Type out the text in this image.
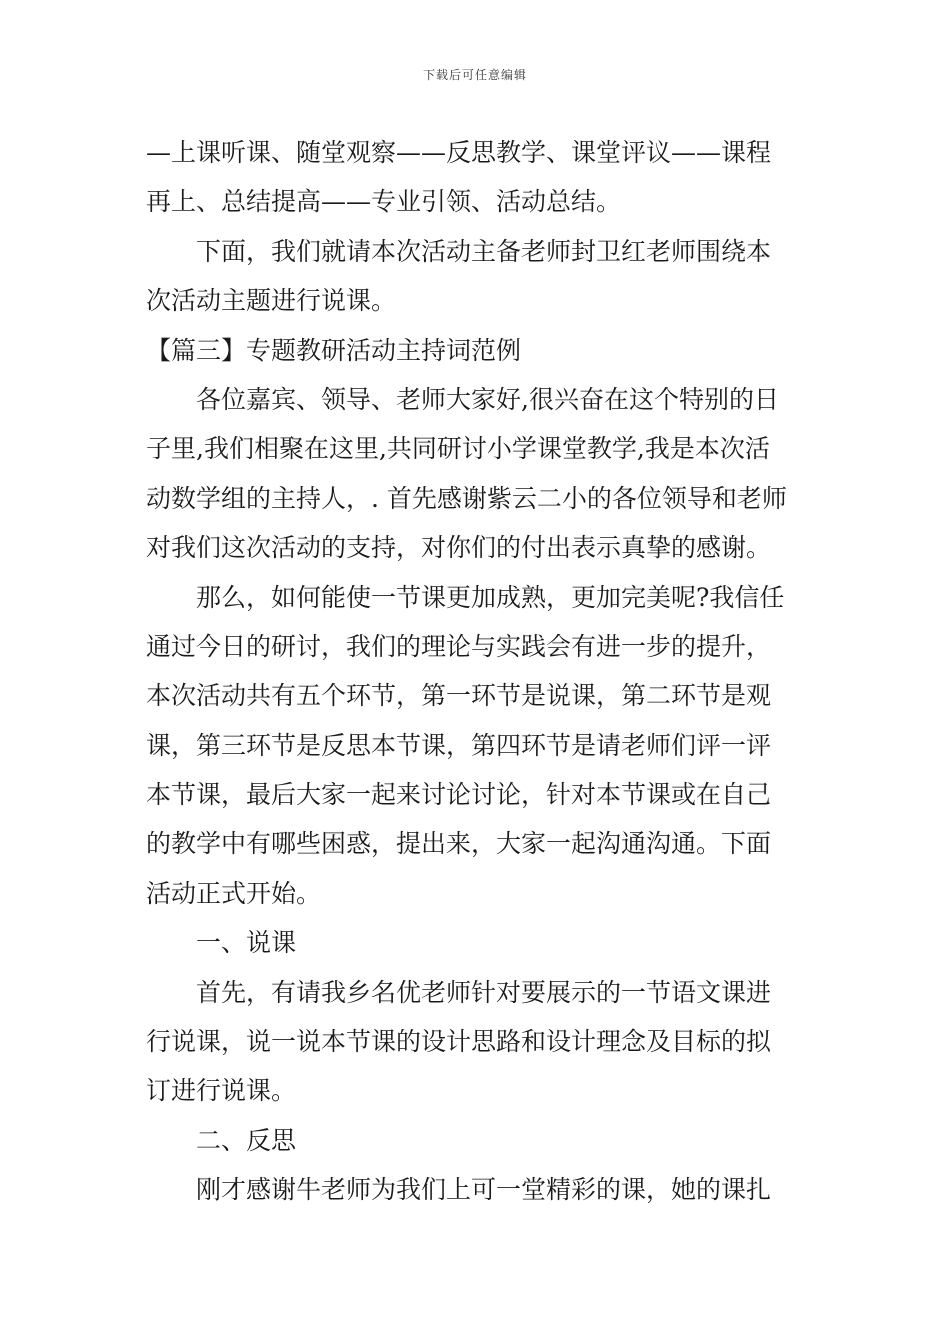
下载后可任意编辑
—上课听课、随堂观察——反思教学、课堂评议——课程
再上、总结提高——专业引领、活动总结。
下面，我们就请本次活动主备老师封卫红老师围绕本
次活动主题进行说课。
【篇三】专题教研活动主持词范例
各位嘉宾、领导、老师大家好,很兴奋在这个特别的日
子里,我们相聚在这里,共同研讨小学课堂教学,我是本次活
动数学组的主持人，. 首先感谢紫云二小的各位领导和老师
对我们这次活动的支持，对你们的付出表示真挚的感谢。
那么，如何能使一节课更加成熟，更加完美呢?我信任
通过今日的研讨，我们的理论与实践会有进一步的提升，
本次活动共有五个环节，第一环节是说课，第二环节是观
课，第三环节是反思本节课，第四环节是请老师们评一评
本节课，最后大家一起来讨论讨论，针对本节课或在自己
的教学中有哪些困惑，提出来，大家一起沟通沟通。下面
活动正式开始。
一、说课
首先，有请我乡名优老师针对要展示的一节语文课进
行说课，说一说本节课的设计思路和设计理念及目标的拟
订进行说课。
二、反思
刚才感谢牛老师为我们上可一堂精彩的课，她的课扎
